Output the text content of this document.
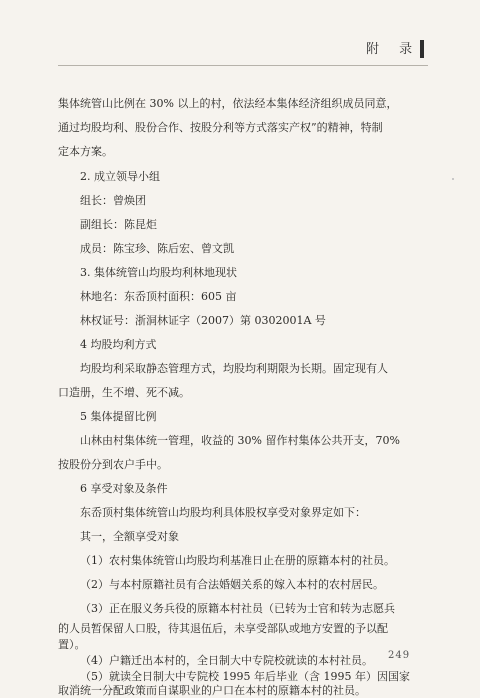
附 录
集体统管山比例在 30% 以上的村，依法经本集体经济组织成员同意，
通过均股均利、股份合作、按股分利等方式落实产权”的精神，特制
定本方案。
2. 成立领导小组
组长：曾焕团
副组长：陈昆炬
成员：陈宝珍、陈后宏、曾文凯
3. 集体统管山均股均利林地现状
林地名：东岙顶村面积：605 亩
林权证号：浙洞林证字（2007）第 0302001A 号
4 均股均利方式
均股均利采取静态管理方式，均股均利期限为长期。固定现有人
口造册，生不增、死不减。
5 集体提留比例
山林由村集体统一管理，收益的 30% 留作村集体公共开支，70%
按股份分到农户手中。
6 享受对象及条件
东岙顶村集体统管山均股均利具体股权享受对象界定如下：
其一，全额享受对象
（1）农村集体统管山均股均利基准日止在册的原籍本村的社员。
（2）与本村原籍社员有合法婚姻关系的嫁入本村的农村居民。
（3）正在服义务兵役的原籍本村社员（已转为士官和转为志愿兵
的人员暂保留人口股，待其退伍后，未享受部队或地方安置的予以配
置）。
（4）户籍迁出本村的，全日制大中专院校就读的本村社员。
（5）就读全日制大中专院校 1995 年后毕业（含 1995 年）因国家
取消统一分配政策而自谋职业的户口在本村的原籍本村的社员。
249
